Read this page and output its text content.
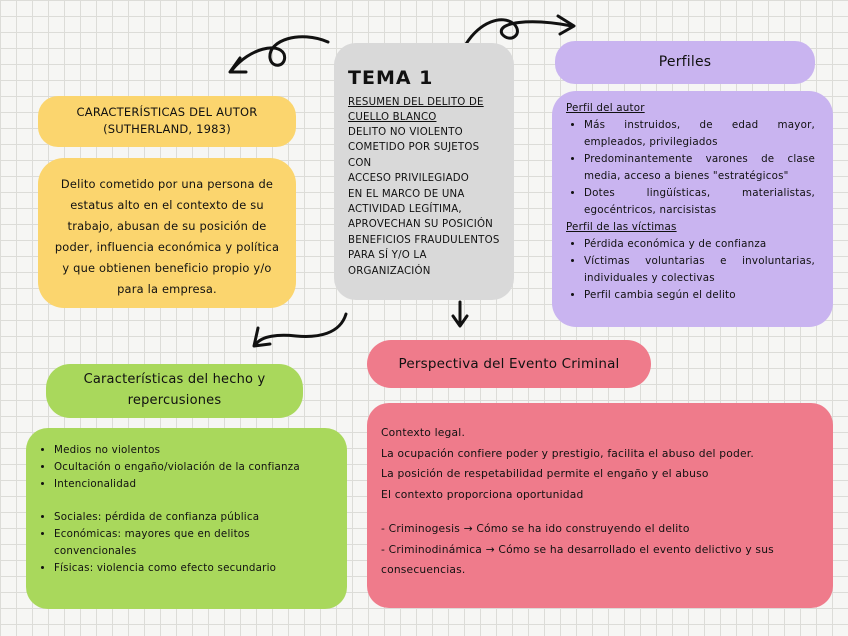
TEMA 1
RESUMEN DEL DELITO DE
CUELLO BLANCO
DELITO NO VIOLENTO
COMETIDO POR SUJETOS CON
ACCESO PRIVILEGIADO
EN EL MARCO DE UNA
ACTIVIDAD LEGÍTIMA,
APROVECHAN SU POSICIÓN
BENEFICIOS FRAUDULENTOS
PARA SÍ Y/O LA
ORGANIZACIÓN
CARACTERÍSTICAS DEL AUTOR
(SUTHERLAND, 1983)
Delito cometido por una persona de estatus alto en el contexto de su trabajo, abusan de su posición de poder, influencia económica y política y que obtienen beneficio propio y/o para la empresa.
Perfiles
Perfil del autor
• Más instruidos, de edad mayor, empleados, privilegiados
• Predominantemente varones de clase media, acceso a bienes "estratégicos"
• Dotes lingüísticas, materialistas, egocéntricos, narcisistas
Perfil de las víctimas
• Pérdida económica y de confianza
• Víctimas voluntarias e involuntarias, individuales y colectivas
• Perfil cambia según el delito
Características del hecho y repercusiones
• Medios no violentos
• Ocultación o engaño/violación de la confianza
• Intencionalidad
• Sociales: pérdida de confianza pública
• Económicas: mayores que en delitos convencionales
• Físicas: violencia como efecto secundario
Perspectiva del Evento Criminal
Contexto legal.
La ocupación confiere poder y prestigio, facilita el abuso del poder.
La posición de respetabilidad permite el engaño y el abuso
El contexto proporciona oportunidad
- Criminogesis → Cómo se ha ido construyendo el delito
- Criminodinámica → Cómo se ha desarrollado el evento delictivo y sus consecuencias.
